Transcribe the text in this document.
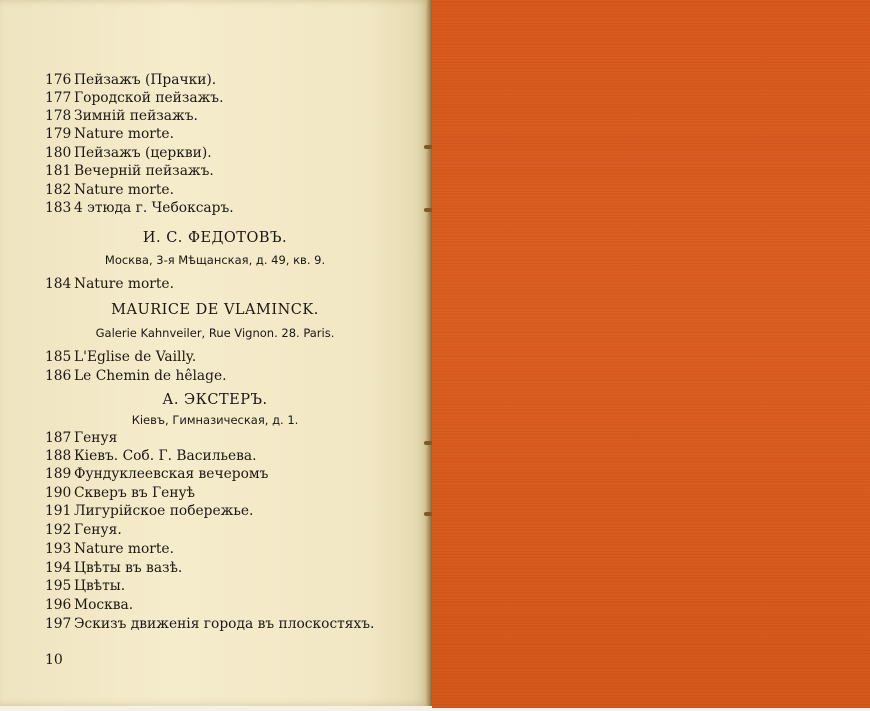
176 Пейзажъ (Прачки).
177 Городской пейзажъ.
178 Зимнiй пейзажъ.
179 Nature morte.
180 Пейзажъ (церкви).
181 Вечернiй пейзажъ.
182 Nature morte.
183 4 этюда г. Чебоксаръ.
И. С. ФЕДОТОВЪ.
Москва, 3-я Мѣщанская, д. 49, кв. 9.
184 Nature morte.
MAURICE DE VLAMINCK.
Galerie Kahnveiler, Rue Vignon. 28. Paris.
185 L'Eglise de Vailly.
186 Le Chemin de hêlage.
А. ЭКСТЕРЪ.
Кiевъ, Гимназическая, д. 1.
187 Генуя
188 Кiевъ. Соб. Г. Васильева.
189 Фундуклеевская вечеромъ
190 Скверъ въ Генуѣ
191 Лигурiйское побережье.
192 Генуя.
193 Nature morte.
194 Цвѣты въ вазѣ.
195 Цвѣты.
196 Москва.
197 Эскизъ движенiя города въ плоскостяхъ.
10
